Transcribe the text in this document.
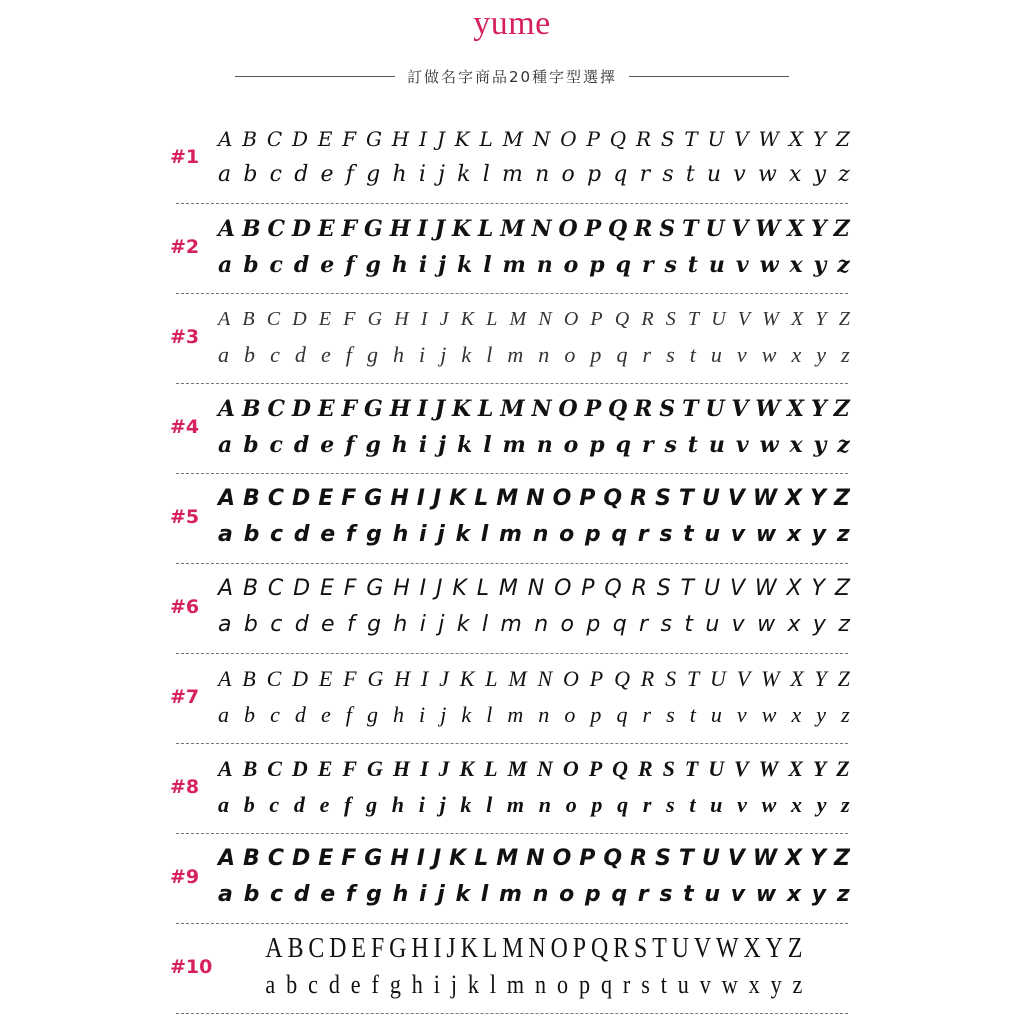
yume
訂做名字商品20種字型選擇
#1
A B C D E F G H I J K L M N O P Q R S T U V W X Y Z
a b c d e f g h i j k l m n o p q r s t u v w x y z
#2
A B C D E F G H I J K L M N O P Q R S T U V W X Y Z
a b c d e f g h i j k l m n o p q r s t u v w x y z
#3
A B C D E F G H I J K L M N O P Q R S T U V W X Y Z
a b c d e f g h i j k l m n o p q r s t u v w x y z
#4
A B C D E F G H I J K L M N O P Q R S T U V W X Y Z
a b c d e f g h i j k l m n o p q r s t u v w x y z
#5
A B C D E F G H I J K L M N O P Q R S T U V W X Y Z
a b c d e f g h i j k l m n o p q r s t u v w x y z
#6
A B C D E F G H I J K L M N O P Q R S T U V W X Y Z
a b c d e f g h i j k l m n o p q r s t u v w x y z
#7
A B C D E F G H I J K L M N O P Q R S T U V W X Y Z
a b c d e f g h i j k l m n o p q r s t u v w x y z
#8
A B C D E F G H I J K L M N O P Q R S T U V W X Y Z
a b c d e f g h i j k l m n o p q r s t u v w x y z
#9
A B C D E F G H I J K L M N O P Q R S T U V W X Y Z
a b c d e f g h i j k l m n o p q r s t u v w x y z
#10
A B C D E F G H I J K L M N O P Q R S T U V W X Y Z
a b c d e f g h i j k l m n o p q r s t u v w x y z
